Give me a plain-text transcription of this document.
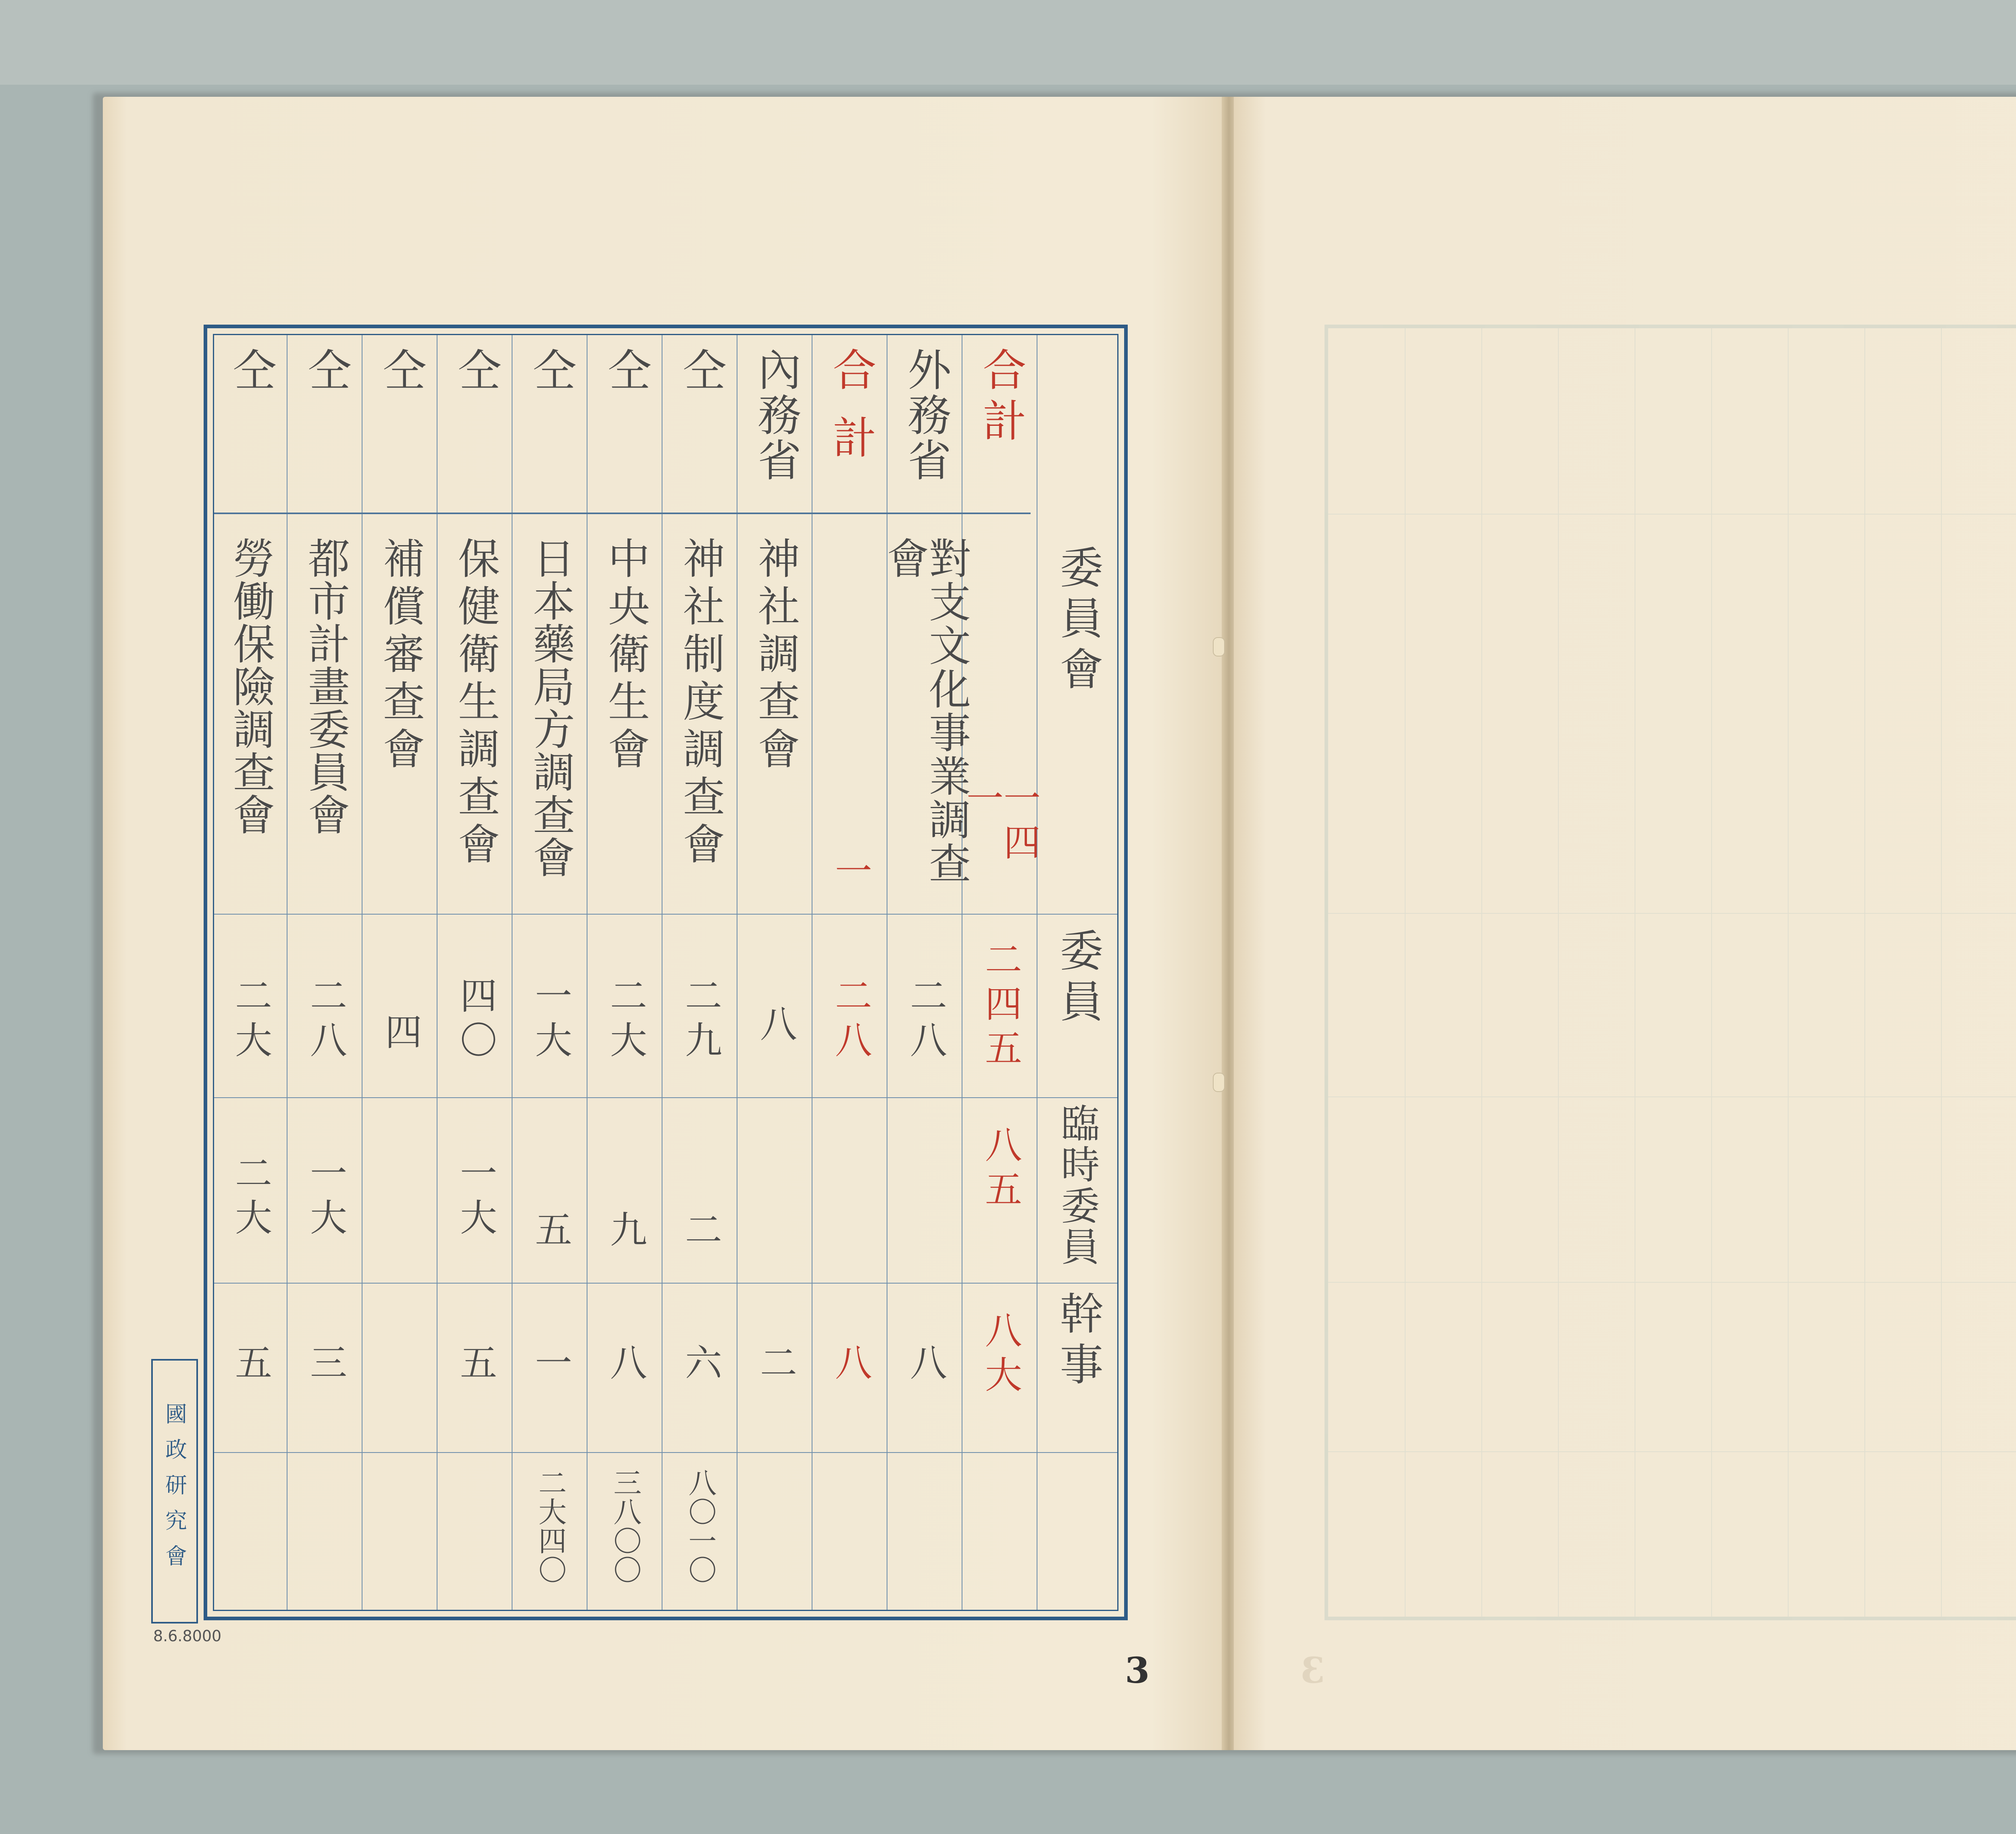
委員會
委員
臨時委員
幹事
合計
一四一
二四五
八五
八大
外務省
對支文化事業調查會
二八
八
合計
一
二八
八
內務省
神社調查會
八
二
仝
神社制度調查會
二九
二
六
八〇一〇
仝
中央衛生會
二大
九
八
三八〇〇
仝
日本藥局方調查會
一大
五
一
二大四〇
仝
保健衛生調查會
四〇
一大
五
仝
補償審查會
四
仝
都市計畫委員會
二八
一大
三
仝
勞働保險調查會
二大
二大
五
國政研究會
8.6.8000
3	3
